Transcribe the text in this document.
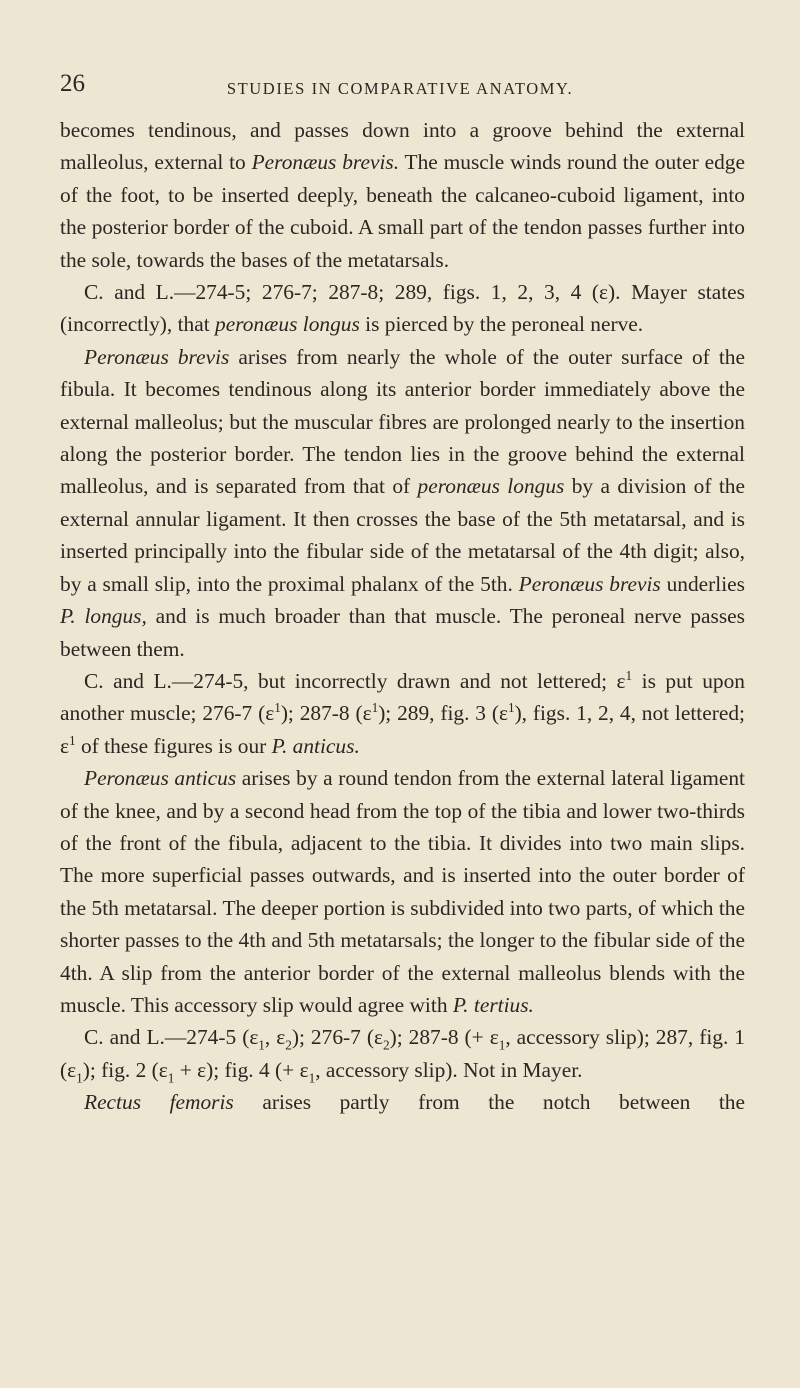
26	STUDIES IN COMPARATIVE ANATOMY.

becomes tendinous, and passes down into a groove behind the external malleolus, external to Peronæus brevis. The muscle winds round the outer edge of the foot, to be inserted deeply, beneath the calcaneo-cuboid ligament, into the posterior border of the cuboid. A small part of the tendon passes further into the sole, towards the bases of the metatarsals.

C. and L.—274-5; 276-7; 287-8; 289, figs. 1, 2, 3, 4 (ε). Mayer states (incorrectly), that peronæus longus is pierced by the peroneal nerve.

Peronæus brevis arises from nearly the whole of the outer surface of the fibula. It becomes tendinous along its anterior border immediately above the external malleolus; but the muscular fibres are prolonged nearly to the insertion along the posterior border. The tendon lies in the groove behind the external malleolus, and is separated from that of peronæus longus by a division of the external annular ligament. It then crosses the base of the 5th metatarsal, and is inserted principally into the fibular side of the metatarsal of the 4th digit; also, by a small slip, into the proximal phalanx of the 5th. Peronæus brevis underlies P. longus, and is much broader than that muscle. The peroneal nerve passes between them.

C. and L.—274-5, but incorrectly drawn and not lettered; $\varepsilon^1$ is put upon another muscle; 276-7 $(\varepsilon^1)$; 287-8 $(\varepsilon^1)$; 289, fig. 3 $(\varepsilon^1)$, figs. 1, 2, 4, not lettered; $\varepsilon^1$ of these figures is our P. anticus.

Peronæus anticus arises by a round tendon from the external lateral ligament of the knee, and by a second head from the top of the tibia and lower two-thirds of the front of the fibula, adjacent to the tibia. It divides into two main slips. The more superficial passes outwards, and is inserted into the outer border of the 5th metatarsal. The deeper portion is subdivided into two parts, of which the shorter passes to the 4th and 5th metatarsals; the longer to the fibular side of the 4th. A slip from the anterior border of the external malleolus blends with the muscle. This accessory slip would agree with P. tertius.

C. and L.—274-5 ($\varepsilon_1$, $\varepsilon_2$); 276-7 $(\varepsilon_2)$; 287-8 (+ $\varepsilon_1$, accessory slip); 287, fig. 1 $(\varepsilon_1)$; fig. 2 $(\varepsilon_1 + \varepsilon)$; fig. 4 (+ $\varepsilon_1$, accessory slip). Not in Mayer.

Rectus femoris arises partly from the notch between the
